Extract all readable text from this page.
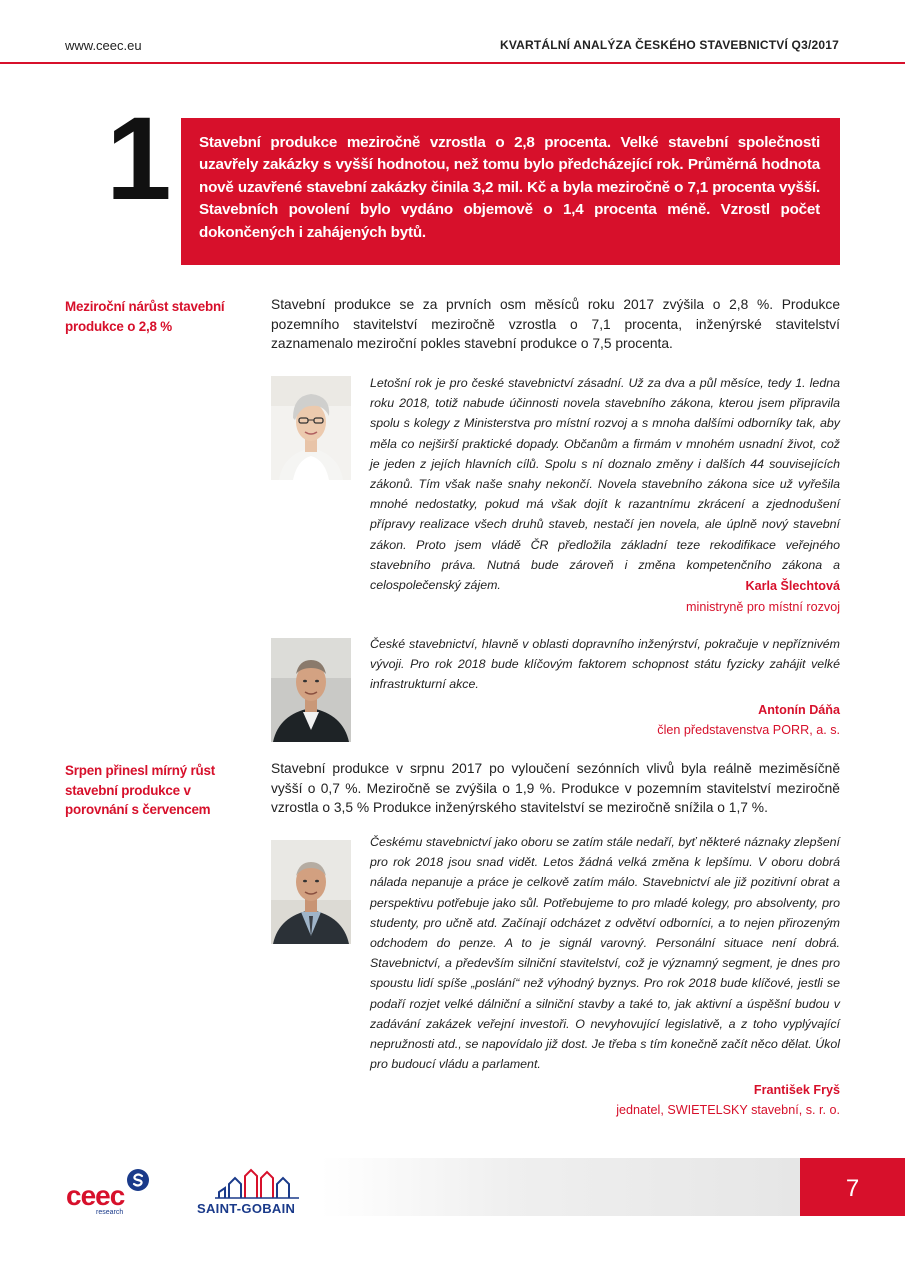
www.ceec.eu	KVARTÁLNÍ ANALÝZA ČESKÉHO STAVEBNICTVÍ Q3/2017
1 Stavební produkce meziročně vzrostla o 2,8 procenta. Velké stavební společnosti uzavřely zakázky s vyšší hodnotou, než tomu bylo předcházející rok. Průměrná hodnota nově uzavřené stavební zakázky činila 3,2 mil. Kč a byla meziročně o 7,1 procenta vyšší. Stavebních povolení bylo vydáno objemově o 1,4 procenta méně. Vzrostl počet dokončených i zahájených bytů.

Meziroční nárůst stavební produkce o 2,8 %

Stavební produkce se za prvních osm měsíců roku 2017 zvýšila o 2,8 %. Produkce pozemního stavitelství meziročně vzrostla o 7,1 procenta, inženýrské stavitelství zaznamenalo meziroční pokles stavební produkce o 7,5 procenta.

Letošní rok je pro české stavebnictví zásadní. Už za dva a půl měsíce, tedy 1. ledna roku 2018, totiž nabude účinnosti novela stavebního zákona, kterou jsem připravila spolu s kolegy z Ministerstva pro místní rozvoj a s mnoha dalšími odborníky tak, aby měla co nejširší praktické dopady. Občanům a firmám v mnohém usnadní život, což je jeden z jejích hlavních cílů. Spolu s ní doznalo změny i dalších 44 souvisejících zákonů. Tím však naše snahy nekončí. Novela stavebního zákona sice už vyřešila mnohé nedostatky, pokud má však dojít k razantnímu zkrácení a zjednodušení přípravy realizace všech druhů staveb, nestačí jen novela, ale úplně nový stavební zákon. Proto jsem vládě ČR předložila základní teze rekodifikace veřejného stavebního práva. Nutná bude zároveň i změna kompetenčního zákona a celospolečenský zájem.	Karla Šlechtová
ministryně pro místní rozvoj

České stavebnictví, hlavně v oblasti dopravního inženýrství, pokračuje v nepříznivém vývoji. Pro rok 2018 bude klíčovým faktorem schopnost státu fyzicky zahájit velké infrastrukturní akce.

Antonín Dáňa
člen představenstva PORR, a. s.
Srpen přinesl mírný růst stavební produkce v porovnání s červencem

Stavební produkce v srpnu 2017 po vyloučení sezónních vlivů byla reálně meziměsíčně vyšší o 0,7 %. Meziročně se zvýšila o 1,9 %. Produkce v pozemním stavitelství meziročně vzrostla o 3,5 % Produkce inženýrského stavitelství se meziročně snížila o 1,7 %.

Českému stavebnictví jako oboru se zatím stále nedaří, byť některé náznaky zlepšení pro rok 2018 jsou snad vidět. Letos žádná velká změna k lepšímu. V oboru dobrá nálada nepanuje a práce je celkově zatím málo. Stavebnictví ale již pozitivní obrat a perspektivu potřebuje jako sůl. Potřebujeme to pro mladé kolegy, pro absolventy, pro studenty, pro učně atd. Začínají odcházet z odvětví odborníci, a to nejen přirozeným odchodem do penze. A to je signál varovný. Personální situace není dobrá. Stavebnictví, a především silniční stavitelství, což je významný segment, je dnes pro spoustu lidí spíše „poslání“ než výhodný byznys. Pro rok 2018 bude klíčové, jestli se podaří rozjet velké dálniční a silniční stavby a také to, jak aktivní a úspěšní budou v zadávání zakázek veřejní investoři. O nevyhovující legislativě, a z toho vyplývající nepružnosti atd., se napovídalo již dost. Je třeba s tím konečně začít něco dělat. Úkol pro budoucí vládu a parlament.

František Fryš
jednatel, SWIETELSKY stavební, s. r. o.
ceec
research	SAINT-GOBAIN
7
